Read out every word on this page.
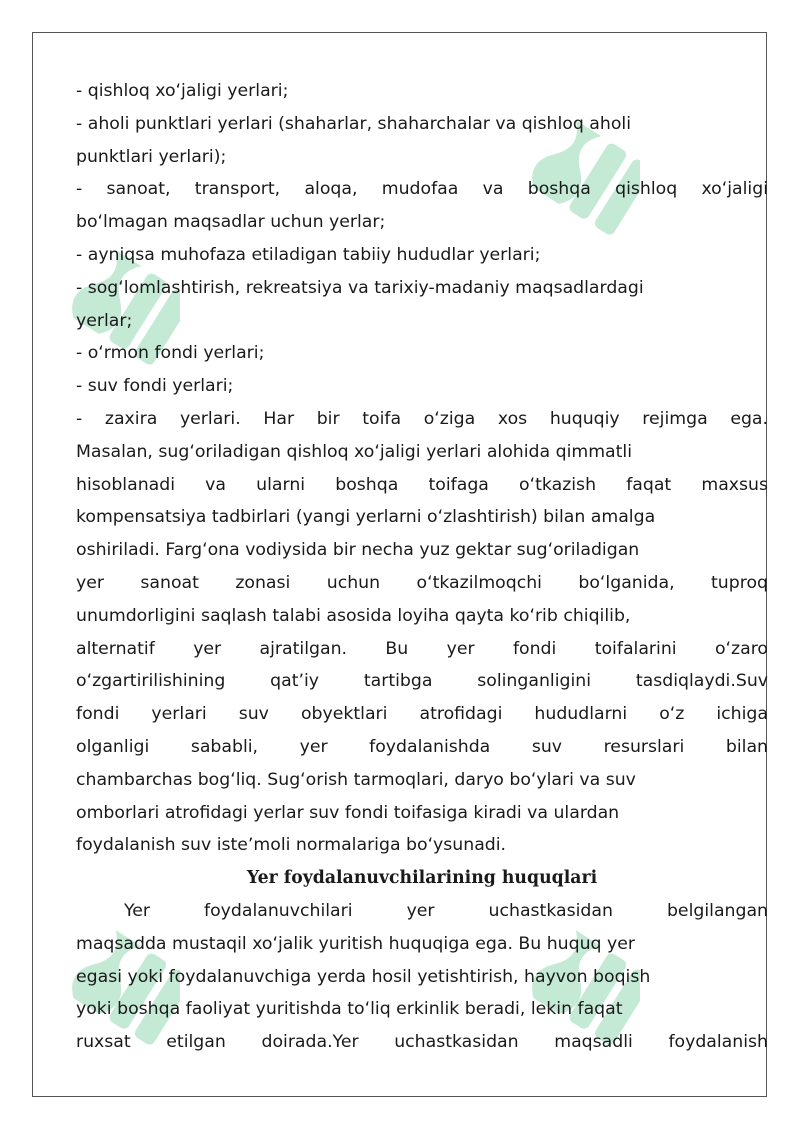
- qishloq xoʻjaligi yerlari;
- aholi punktlari yerlari (shaharlar, shaharchalar va qishloq aholi
punktlari yerlari);
- sanoat, transport, aloqa, mudofaa va boshqa qishloq xoʻjaligi
boʻlmagan maqsadlar uchun yerlar;
- ayniqsa muhofaza etiladigan tabiiy hududlar yerlari;
- sogʻlomlashtirish, rekreatsiya va tarixiy-madaniy maqsadlardagi
yerlar;
- oʻrmon fondi yerlari;
- suv fondi yerlari;
- zaxira yerlari. Har bir toifa oʻziga xos huquqiy rejimga ega.
Masalan, sugʻoriladigan qishloq xoʻjaligi yerlari alohida qimmatli
hisoblanadi va ularni boshqa toifaga oʻtkazish faqat maxsus
kompensatsiya tadbirlari (yangi yerlarni oʻzlashtirish) bilan amalga
oshiriladi. Fargʻona vodiysida bir necha yuz gektar sugʻoriladigan
yer sanoat zonasi uchun oʻtkazilmoqchi boʻlganida, tuproq
unumdorligini saqlash talabi asosida loyiha qayta koʻrib chiqilib,
alternatif yer ajratilgan. Bu yer fondi toifalarini oʻzaro
oʻzgartirilishining qatʼiy tartibga solinganligini tasdiqlaydi.Suv
fondi yerlari suv obyektlari atrofidagi hududlarni oʻz ichiga
olganligi sababli, yer foydalanishda suv resurslari bilan
chambarchas bogʻliq. Sugʻorish tarmoqlari, daryo boʻylari va suv
omborlari atrofidagi yerlar suv fondi toifasiga kiradi va ulardan
foydalanish suv isteʼmoli normalariga boʻysunadi.
Yer foydalanuvchilarining huquqlari
Yer foydalanuvchilari yer uchastkasidan belgilangan
maqsadda mustaqil xoʻjalik yuritish huquqiga ega. Bu huquq yer
egasi yoki foydalanuvchiga yerda hosil yetishtirish, hayvon boqish
yoki boshqa faoliyat yuritishda toʻliq erkinlik beradi, lekin faqat
ruxsat etilgan doirada.Yer uchastkasidan maqsadli foydalanish
